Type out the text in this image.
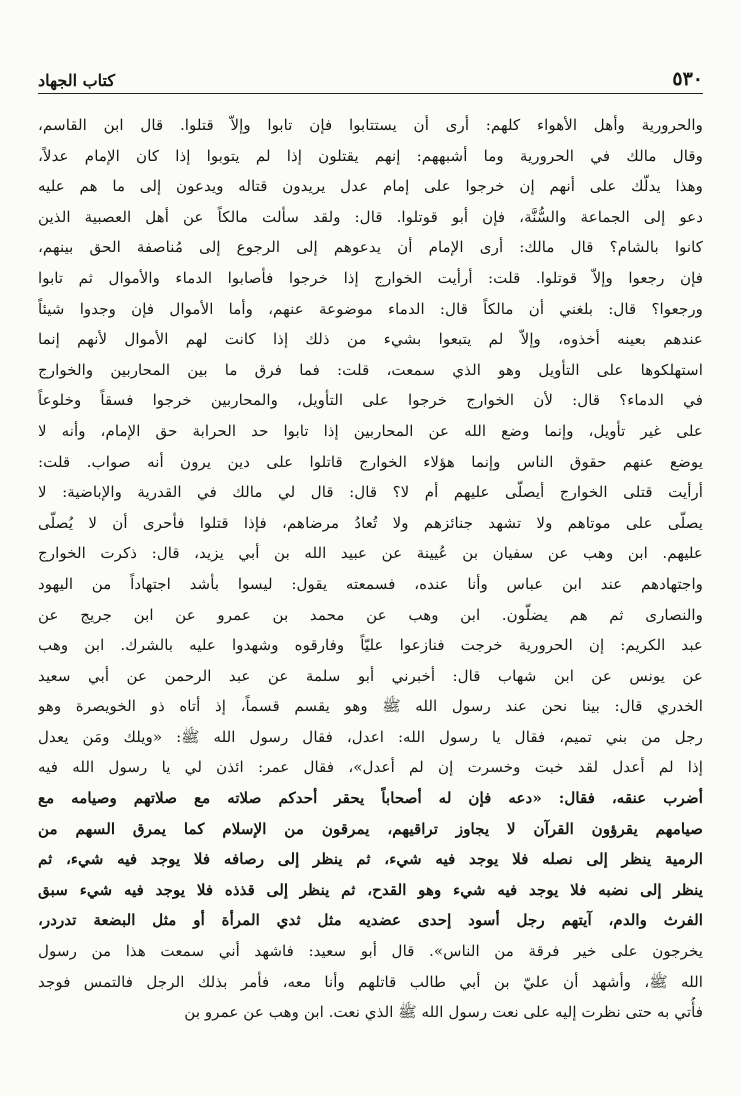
٥٣٠
كتاب الجهاد
والحرورية وأهل الأهواء كلهم: أرى أن يستتابوا فإن تابوا وإلاّ قتلوا. قال ابن القاسم،
وقال مالك في الحرورية وما أشبههم: إنهم يقتلون إذا لم يتوبوا إذا كان الإمام عدلاً،
وهذا يدلّك على أنهم إن خرجوا على إمام عدل يريدون قتاله ويدعون إلى ما هم عليه
دعو إلى الجماعة والسُّنَّة، فإن أبو قوتلوا. قال: ولقد سألت مالكاً عن أهل العصبية الذين
كانوا بالشام؟ قال مالك: أرى الإمام أن يدعوهم إلى الرجوع إلى مُناصفة الحق بينهم،
فإن رجعوا وإلاّ قوتلوا. قلت: أرأيت الخوارج إذا خرجوا فأصابوا الدماء والأموال ثم تابوا
ورجعوا؟ قال: بلغني أن مالكاً قال: الدماء موضوعة عنهم، وأما الأموال فإن وجدوا شيئاً
عندهم بعينه أخذوه، وإلاّ لم يتبعوا بشيء من ذلك إذا كانت لهم الأموال لأنهم إنما
استهلكوها على التأويل وهو الذي سمعت، قلت: فما فرق ما بين المحاربين والخوارج
في الدماء؟ قال: لأن الخوارج خرجوا على التأويل، والمحاربين خرجوا فسقاً وخلوعاً
على غير تأويل، وإنما وضع الله عن المحاربين إذا تابوا حد الحرابة حق الإمام، وأنه لا
يوضع عنهم حقوق الناس وإنما هؤلاء الخوارج قاتلوا على دين يرون أنه صواب. قلت:
أرأيت قتلى الخوارج أيصلّى عليهم أم لا؟ قال: قال لي مالك في القدرية والإباضية: لا
يصلّى على موتاهم ولا تشهد جنائزهم ولا تُعادُ مرضاهم، فإذا قتلوا فأحرى أن لا يُصلّى
عليهم. ابن وهب عن سفيان بن عُيينة عن عبيد الله بن أبي يزيد، قال: ذكرت الخوارج
واجتهادهم عند ابن عباس وأنا عنده، فسمعته يقول: ليسوا بأشد اجتهاداً من اليهود
والنصارى ثم هم يضلّون. ابن وهب عن محمد بن عمرو عن ابن جريج عن
عبد الكريم: إن الحرورية خرجت فنازعوا عليّاً وفارقوه وشهدوا عليه بالشرك. ابن وهب
عن يونس عن ابن شهاب قال: أخبرني أبو سلمة عن عبد الرحمن عن أبي سعيد
الخدري قال: بينا نحن عند رسول الله ﷺ وهو يقسم قسماً، إذ أتاه ذو الخويصرة وهو
رجل من بني تميم، فقال يا رسول الله: اعدل، فقال رسول الله ﷺ: «ويلك ومَن يعدل
إذا لم أعدل لقد خبت وخسرت إن لم أعدل»، فقال عمر: ائذن لي يا رسول الله فيه
أضرب عنقه، فقال: «دعه فإن له أصحاباً يحقر أحدكم صلاته مع صلاتهم وصيامه مع
صيامهم يقرؤون القرآن لا يجاوز تراقيهم، يمرقون من الإسلام كما يمرق السهم من
الرمية ينظر إلى نصله فلا يوجد فيه شيء، ثم ينظر إلى رصافه فلا يوجد فيه شيء، ثم
ينظر إلى نضبه فلا يوجد فيه شيء وهو القدح، ثم ينظر إلى قذذه فلا يوجد فيه شيء سبق
الفرث والدم، آيتهم رجل أسود إحدى عضديه مثل ثدي المرأة أو مثل البضعة تدردر،
يخرجون على خير فرقة من الناس». قال أبو سعيد: فاشهد أني سمعت هذا من رسول
الله ﷺ، وأشهد أن عليّ بن أبي طالب قاتلهم وأنا معه، فأمر بذلك الرجل فالتمس فوجد
فأُتي به حتى نظرت إليه على نعت رسول الله ﷺ الذي نعت. ابن وهب عن عمرو بن
